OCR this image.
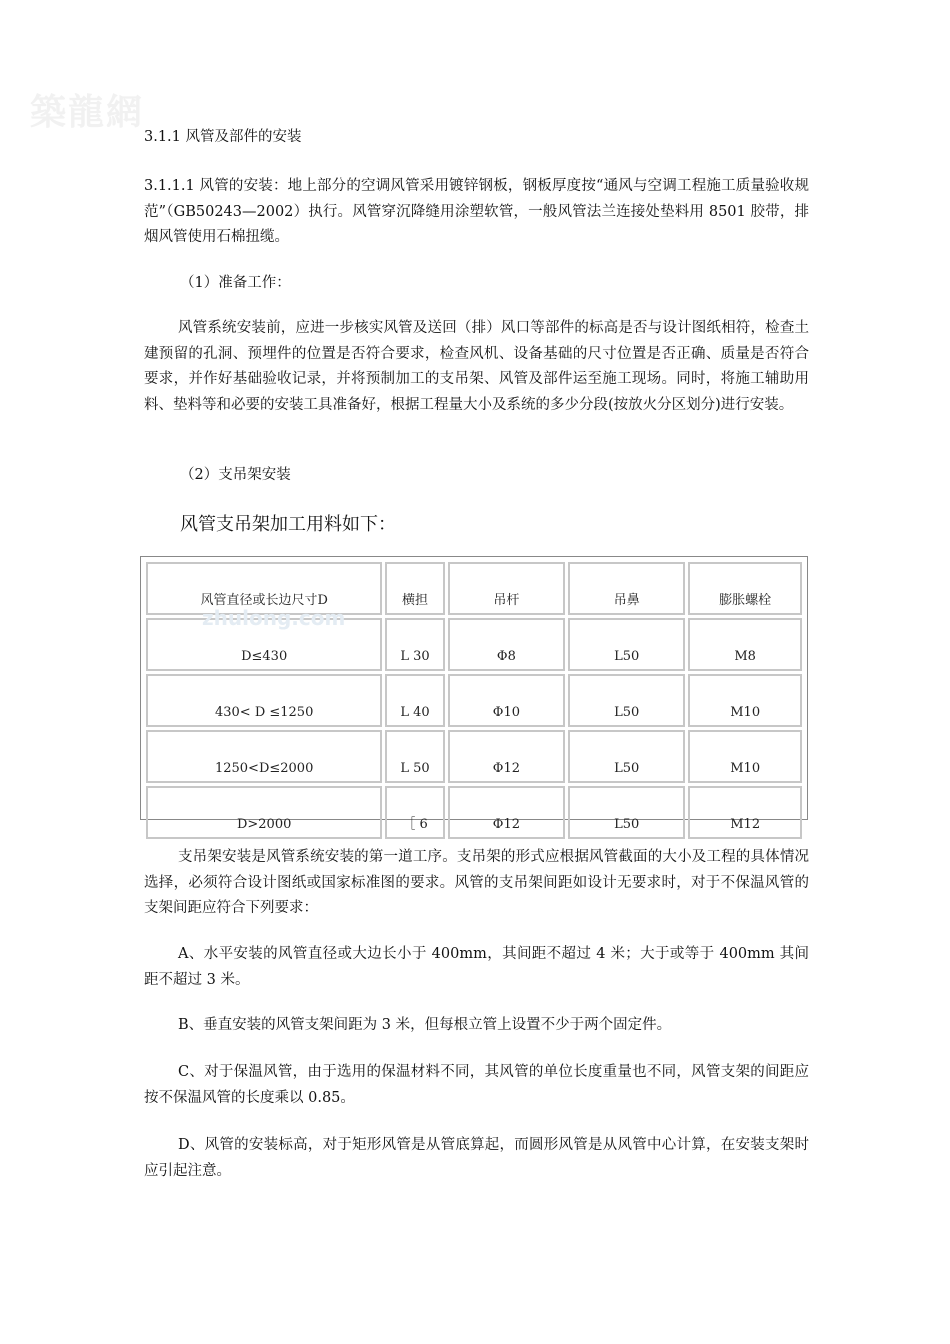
築龍網
3.1.1 风管及部件的安装
3.1.1.1 风管的安装：地上部分的空调风管采用镀锌钢板，钢板厚度按“通风与空调工程施工质量验收规范”（GB50243—2002）执行。风管穿沉降缝用涂塑软管，一般风管法兰连接处垫料用 8501 胶带，排烟风管使用石棉扭缆。
（1）准备工作：
风管系统安装前，应进一步核实风管及送回（排）风口等部件的标高是否与设计图纸相符，检查土建预留的孔洞、预埋件的位置是否符合要求，检查风机、设备基础的尺寸位置是否正确、质量是否符合要求，并作好基础验收记录，并将预制加工的支吊架、风管及部件运至施工现场。同时，将施工辅助用料、垫料等和必要的安装工具准备好，根据工程量大小及系统的多少分段(按放火分区划分)进行安装。
（2）支吊架安装
风管支吊架加工用料如下：
风管直径或长边尺寸D	横担	吊杆	吊鼻	膨胀螺栓
D≤430	L 30	Φ8	L50	M8
430< D ≤1250	L 40	Φ10	L50	M10
1250<D≤2000	L 50	Φ12	L50	M10
D>2000	［ 6	Φ12	L50	M12
zhulong.com
支吊架安装是风管系统安装的第一道工序。支吊架的形式应根据风管截面的大小及工程的具体情况选择，必须符合设计图纸或国家标准图的要求。风管的支吊架间距如设计无要求时，对于不保温风管的支架间距应符合下列要求：
A、水平安装的风管直径或大边长小于 400mm，其间距不超过 4 米；大于或等于 400mm 其间距不超过 3 米。
B、垂直安装的风管支架间距为 3 米，但每根立管上设置不少于两个固定件。
C、对于保温风管，由于选用的保温材料不同，其风管的单位长度重量也不同，风管支架的间距应按不保温风管的长度乘以 0.85。
D、风管的安装标高，对于矩形风管是从管底算起，而圆形风管是从风管中心计算，在安装支架时应引起注意。
